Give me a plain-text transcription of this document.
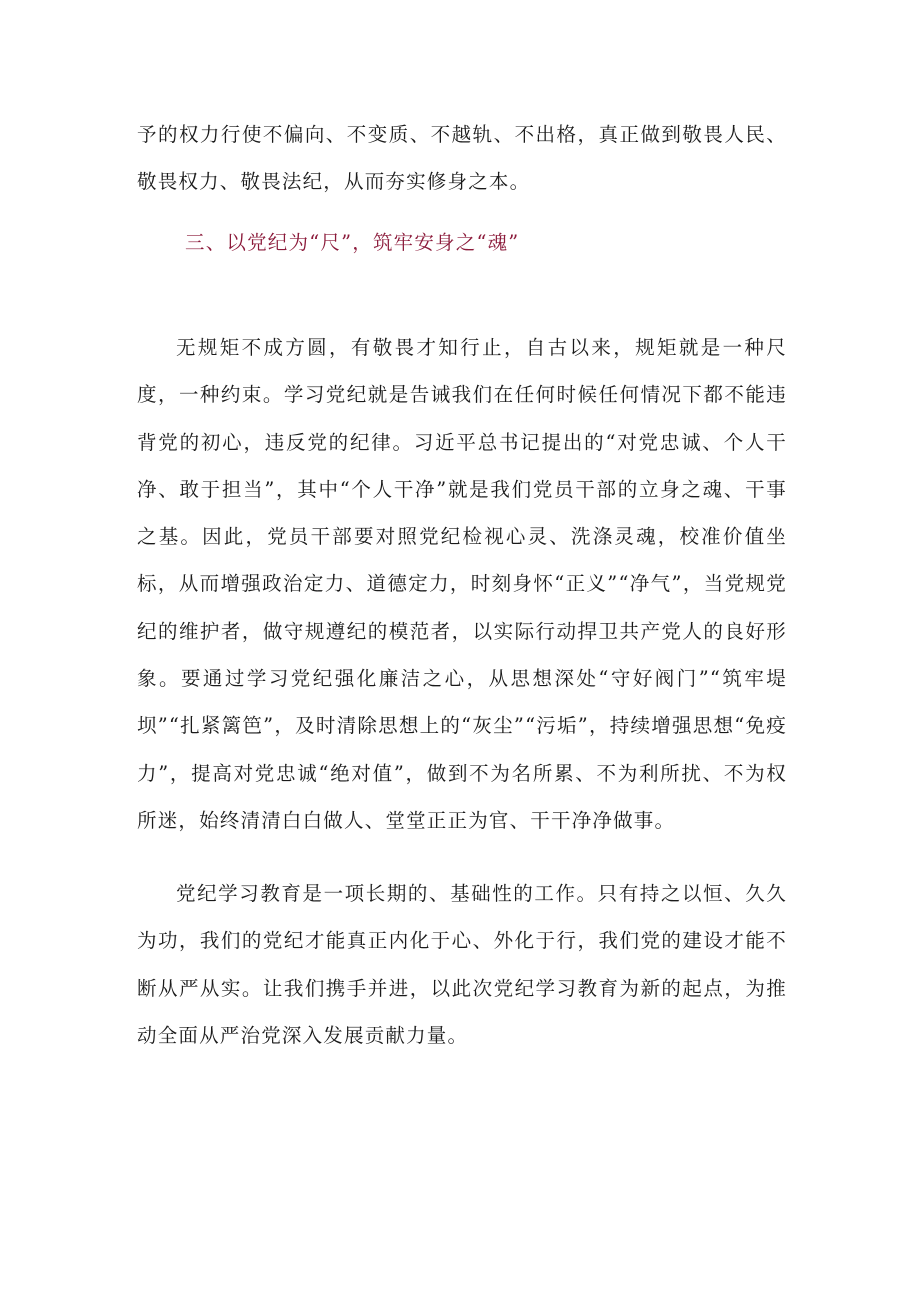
予的权力行使不偏向、不变质、不越轨、不出格，真正做到敬畏人民、敬畏权力、敬畏法纪，从而夯实修身之本。

三、以党纪为“尺”，筑牢安身之“魂”

无规矩不成方圆，有敬畏才知行止，自古以来，规矩就是一种尺度，一种约束。学习党纪就是告诫我们在任何时候任何情况下都不能违背党的初心，违反党的纪律。习近平总书记提出的“对党忠诚、个人干净、敢于担当”，其中“个人干净”就是我们党员干部的立身之魂、干事之基。因此，党员干部要对照党纪检视心灵、洗涤灵魂，校准价值坐标，从而增强政治定力、道德定力，时刻身怀“正义”“净气”，当党规党纪的维护者，做守规遵纪的模范者，以实际行动捍卫共产党人的良好形象。要通过学习党纪强化廉洁之心，从思想深处“守好阀门”“筑牢堤坝”“扎紧篱笆”，及时清除思想上的“灰尘”“污垢”，持续增强思想“免疫力”，提高对党忠诚“绝对值”，做到不为名所累、不为利所扰、不为权所迷，始终清清白白做人、堂堂正正为官、干干净净做事。

党纪学习教育是一项长期的、基础性的工作。只有持之以恒、久久为功，我们的党纪才能真正内化于心、外化于行，我们党的建设才能不断从严从实。让我们携手并进，以此次党纪学习教育为新的起点，为推动全面从严治党深入发展贡献力量。
